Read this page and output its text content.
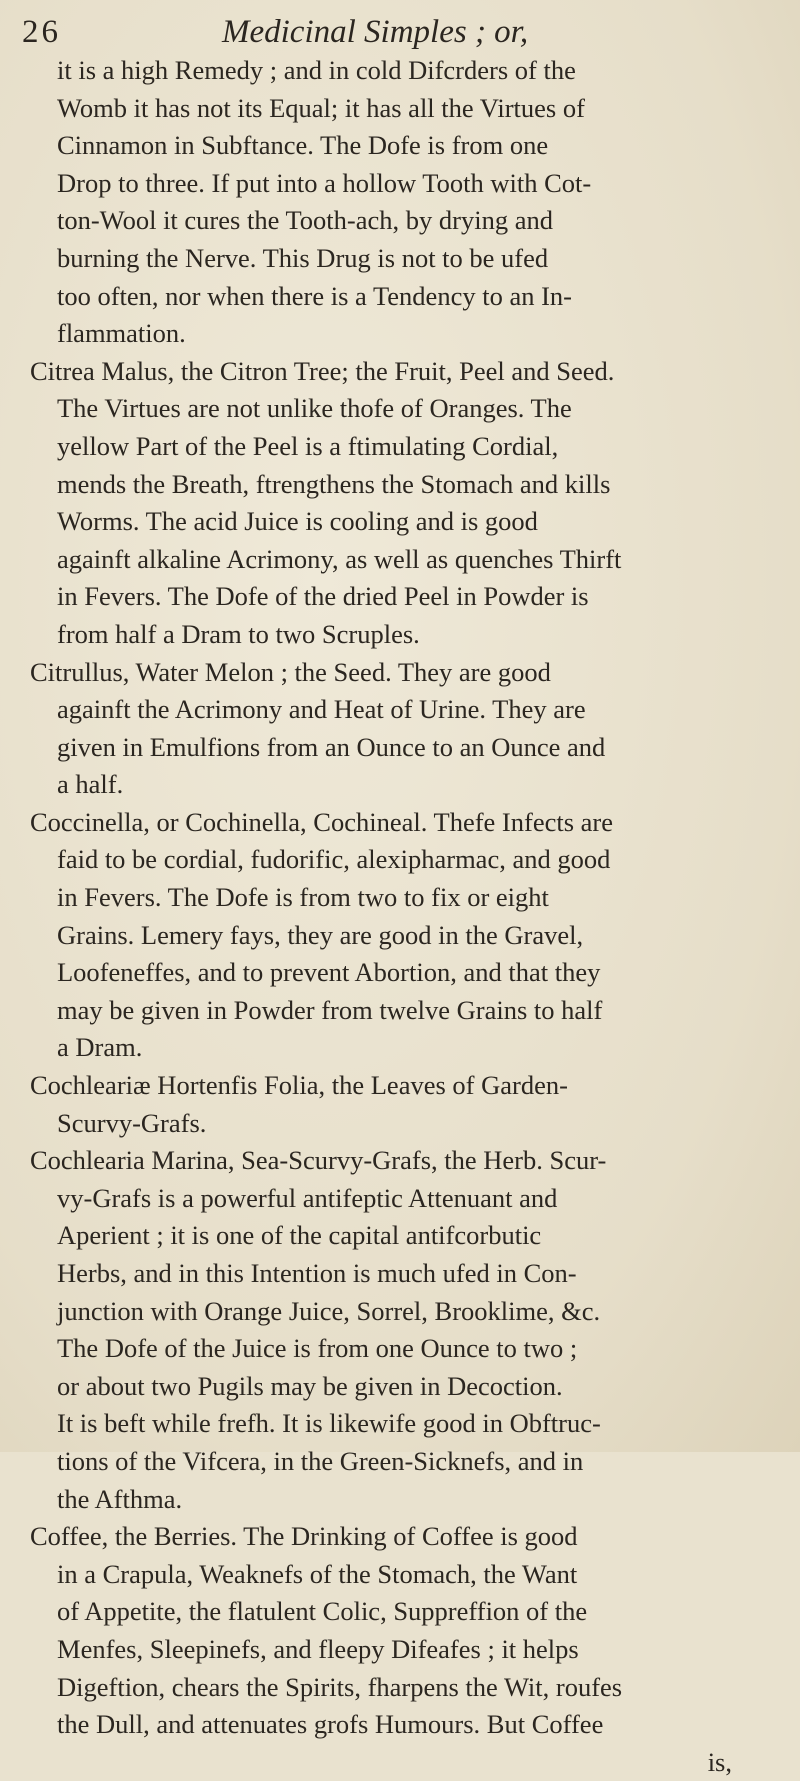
26	Medicinal Simples ; or,
it is a high Remedy ; and in cold Difcrders of the
Womb it has not its Equal; it has all the Virtues of
Cinnamon in Subftance. The Dofe is from one
Drop to three. If put into a hollow Tooth with Cot-
ton-Wool it cures the Tooth-ach, by drying and
burning the Nerve. This Drug is not to be ufed
too often, nor when there is a Tendency to an In-
flammation.
Citrea Malus, the Citron Tree; the Fruit, Peel and Seed.
The Virtues are not unlike thofe of Oranges. The
yellow Part of the Peel is a ftimulating Cordial,
mends the Breath, ftrengthens the Stomach and kills
Worms. The acid Juice is cooling and is good
againft alkaline Acrimony, as well as quenches Thirft
in Fevers. The Dofe of the dried Peel in Powder is
from half a Dram to two Scruples.
Citrullus, Water Melon ; the Seed. They are good
againft the Acrimony and Heat of Urine. They are
given in Emulfions from an Ounce to an Ounce and
a half.
Coccinella, or Cochinella, Cochineal. Thefe Infects are
faid to be cordial, fudorific, alexipharmac, and good
in Fevers. The Dofe is from two to fix or eight
Grains. Lemery fays, they are good in the Gravel,
Loofeneffes, and to prevent Abortion, and that they
may be given in Powder from twelve Grains to half
a Dram.
Cochleariæ Hortenfis Folia, the Leaves of Garden-
Scurvy-Grafs.
Cochlearia Marina, Sea-Scurvy-Grafs, the Herb. Scur-
vy-Grafs is a powerful antifeptic Attenuant and
Aperient ; it is one of the capital antifcorbutic
Herbs, and in this Intention is much ufed in Con-
junction with Orange Juice, Sorrel, Brooklime, &c.
The Dofe of the Juice is from one Ounce to two ;
or about two Pugils may be given in Decoction.
It is beft while frefh. It is likewife good in Obftruc-
tions of the Vifcera, in the Green-Sicknefs, and in
the Afthma.
Coffee, the Berries. The Drinking of Coffee is good
in a Crapula, Weaknefs of the Stomach, the Want
of Appetite, the flatulent Colic, Suppreffion of the
Menfes, Sleepinefs, and fleepy Difeafes ; it helps
Digeftion, chears the Spirits, fharpens the Wit, roufes
the Dull, and attenuates grofs Humours. But Coffee
is,
